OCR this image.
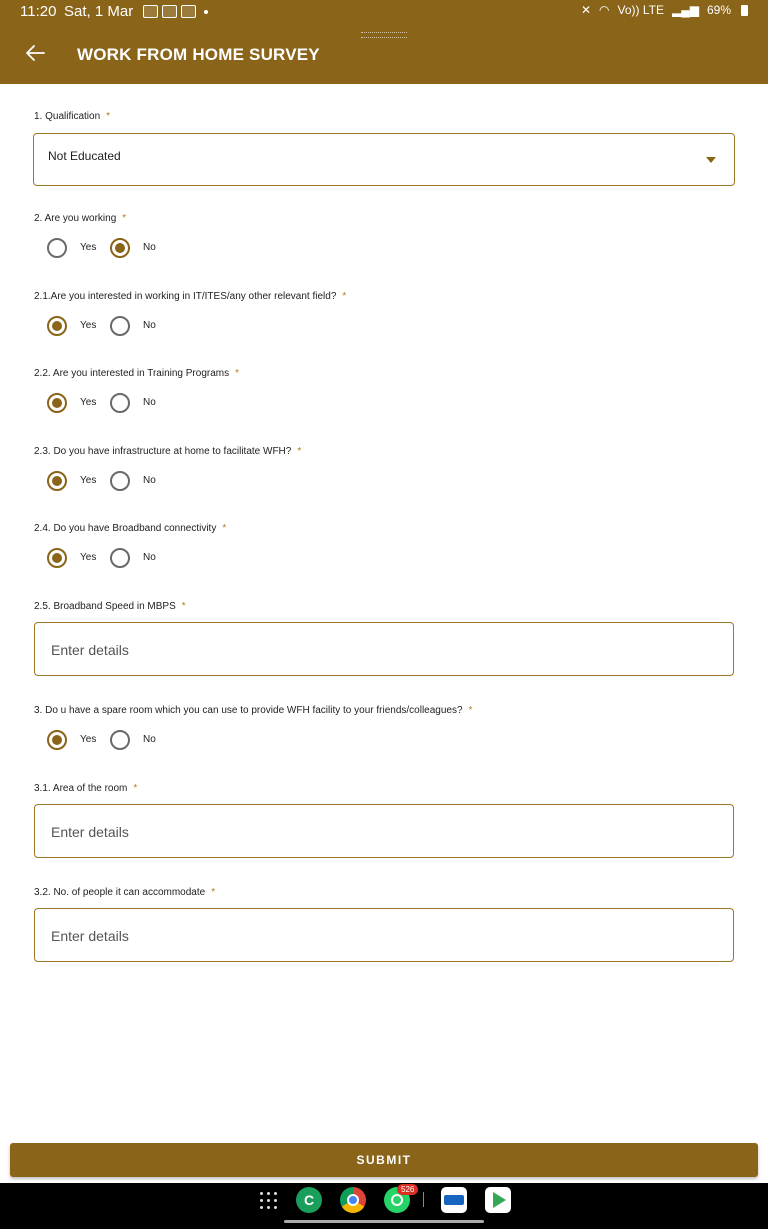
11:20 Sat, 1 Mar	✕ ◠ Vo)) LTE ▂▄▆ 69%
WORK FROM HOME SURVEY
1. Qualification *
Not Educated
2. Are you working *
Yes	No
2.1.Are you interested in working in IT/ITES/any other relevant field? *
Yes	No
2.2. Are you interested in Training Programs *
Yes	No
2.3. Do you have infrastructure at home to facilitate WFH? *
Yes	No
2.4. Do you have Broadband connectivity *
Yes	No
2.5. Broadband Speed in MBPS *
Enter details
3. Do u have a spare room which you can use to provide WFH facility to your friends/colleagues? *
Yes	No
3.1. Area of the room *
Enter details
3.2. No. of people it can accommodate *
Enter details
SUBMIT
C
526
